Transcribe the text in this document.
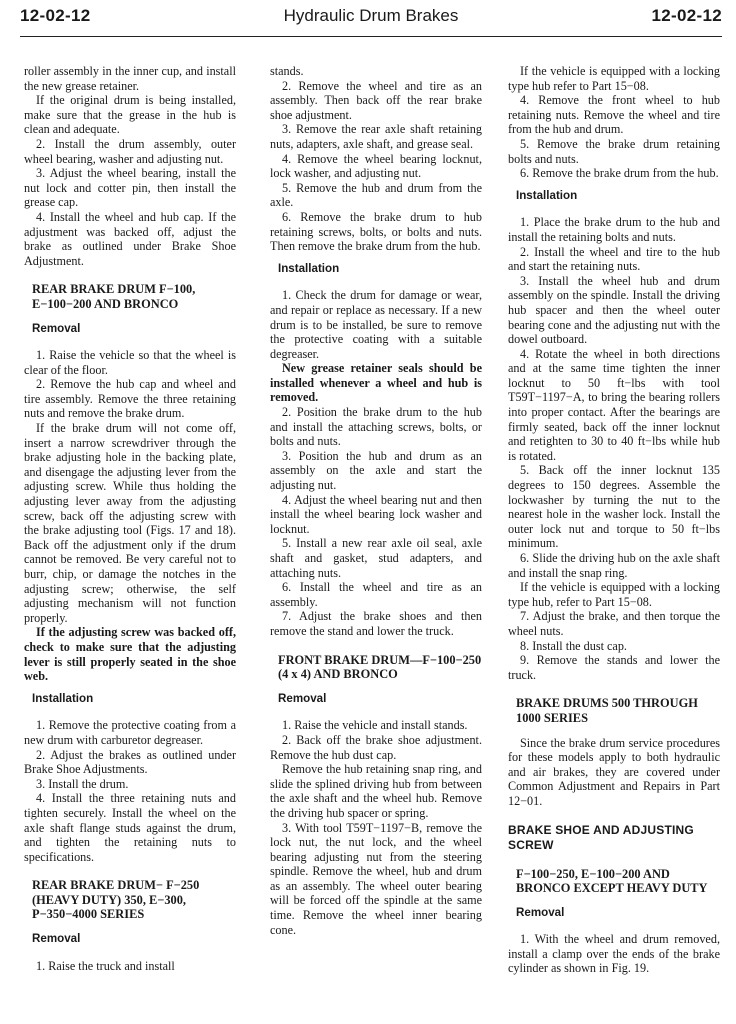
12-02-12	Hydraulic Drum Brakes	12-02-12
roller assembly in the inner cup, and install the new grease retainer.
If the original drum is being installed, make sure that the grease in the hub is clean and adequate.
2. Install the drum assembly, outer wheel bearing, washer and adjusting nut.
3. Adjust the wheel bearing, install the nut lock and cotter pin, then install the grease cap.
4. Install the wheel and hub cap. If the adjustment was backed off, adjust the brake as outlined under Brake Shoe Adjustment.
REAR BRAKE DRUM F−100, E−100−200 AND BRONCO
Removal
1. Raise the vehicle so that the wheel is clear of the floor.
2. Remove the hub cap and wheel and tire assembly. Remove the three retaining nuts and remove the brake drum.
If the brake drum will not come off, insert a narrow screwdriver through the brake adjusting hole in the backing plate, and disengage the adjusting lever from the adjusting screw. While thus holding the adjusting lever away from the adjusting screw, back off the adjusting screw with the brake adjusting tool (Figs. 17 and 18). Back off the adjustment only if the drum cannot be removed. Be very careful not to burr, chip, or damage the notches in the adjusting screw; otherwise, the self adjusting mechanism will not function properly.
If the adjusting screw was backed off, check to make sure that the adjusting lever is still properly seated in the shoe web.
Installation
1. Remove the protective coating from a new drum with carburetor degreaser.
2. Adjust the brakes as outlined under Brake Shoe Adjustments.
3. Install the drum.
4. Install the three retaining nuts and tighten securely. Install the wheel on the axle shaft flange studs against the drum, and tighten the retaining nuts to specifications.
REAR BRAKE DRUM− F−250 (HEAVY DUTY) 350, E−300, P−350−4000 SERIES
Removal
1. Raise the truck and install
stands.
2. Remove the wheel and tire as an assembly. Then back off the rear brake shoe adjustment.
3. Remove the rear axle shaft retaining nuts, adapters, axle shaft, and grease seal.
4. Remove the wheel bearing locknut, lock washer, and adjusting nut.
5. Remove the hub and drum from the axle.
6. Remove the brake drum to hub retaining screws, bolts, or bolts and nuts. Then remove the brake drum from the hub.
Installation
1. Check the drum for damage or wear, and repair or replace as necessary. If a new drum is to be installed, be sure to remove the protective coating with a suitable degreaser.
New grease retainer seals should be installed whenever a wheel and hub is removed.
2. Position the brake drum to the hub and install the attaching screws, bolts, or bolts and nuts.
3. Position the hub and drum as an assembly on the axle and start the adjusting nut.
4. Adjust the wheel bearing nut and then install the wheel bearing lock washer and locknut.
5. Install a new rear axle oil seal, axle shaft and gasket, stud adapters, and attaching nuts.
6. Install the wheel and tire as an assembly.
7. Adjust the brake shoes and then remove the stand and lower the truck.
FRONT BRAKE DRUM—F−100−250 (4 x 4) AND BRONCO
Removal
1. Raise the vehicle and install stands.
2. Back off the brake shoe adjustment. Remove the hub dust cap.
Remove the hub retaining snap ring, and slide the splined driving hub from between the axle shaft and the wheel hub. Remove the driving hub spacer or spring.
3. With tool T59T−1197−B, remove the lock nut, the nut lock, and the wheel bearing adjusting nut from the steering spindle. Remove the wheel, hub and drum as an assembly. The wheel outer bearing will be forced off the spindle at the same time. Remove the wheel inner bearing cone.
If the vehicle is equipped with a locking type hub refer to Part 15−08.
4. Remove the front wheel to hub retaining nuts. Remove the wheel and tire from the hub and drum.
5. Remove the brake drum retaining bolts and nuts.
6. Remove the brake drum from the hub.
Installation
1. Place the brake drum to the hub and install the retaining bolts and nuts.
2. Install the wheel and tire to the hub and start the retaining nuts.
3. Install the wheel hub and drum assembly on the spindle. Install the driving hub spacer and then the wheel outer bearing cone and the adjusting nut with the dowel outboard.
4. Rotate the wheel in both directions and at the same time tighten the inner locknut to 50 ft−lbs with tool T59T−1197−A, to bring the bearing rollers into proper contact. After the bearings are firmly seated, back off the inner locknut and retighten to 30 to 40 ft−lbs while hub is rotated.
5. Back off the inner locknut 135 degrees to 150 degrees. Assemble the lockwasher by turning the nut to the nearest hole in the washer lock. Install the outer lock nut and torque to 50 ft−lbs minimum.
6. Slide the driving hub on the axle shaft and install the snap ring.
If the vehicle is equipped with a locking type hub, refer to Part 15−08.
7. Adjust the brake, and then torque the wheel nuts.
8. Install the dust cap.
9. Remove the stands and lower the truck.
BRAKE DRUMS 500 THROUGH 1000 SERIES
Since the brake drum service procedures for these models apply to both hydraulic and air brakes, they are covered under Common Adjustment and Repairs in Part 12−01.
BRAKE SHOE AND ADJUSTING SCREW
F−100−250, E−100−200 AND BRONCO EXCEPT HEAVY DUTY
Removal
1. With the wheel and drum removed, install a clamp over the ends of the brake cylinder as shown in Fig. 19.
